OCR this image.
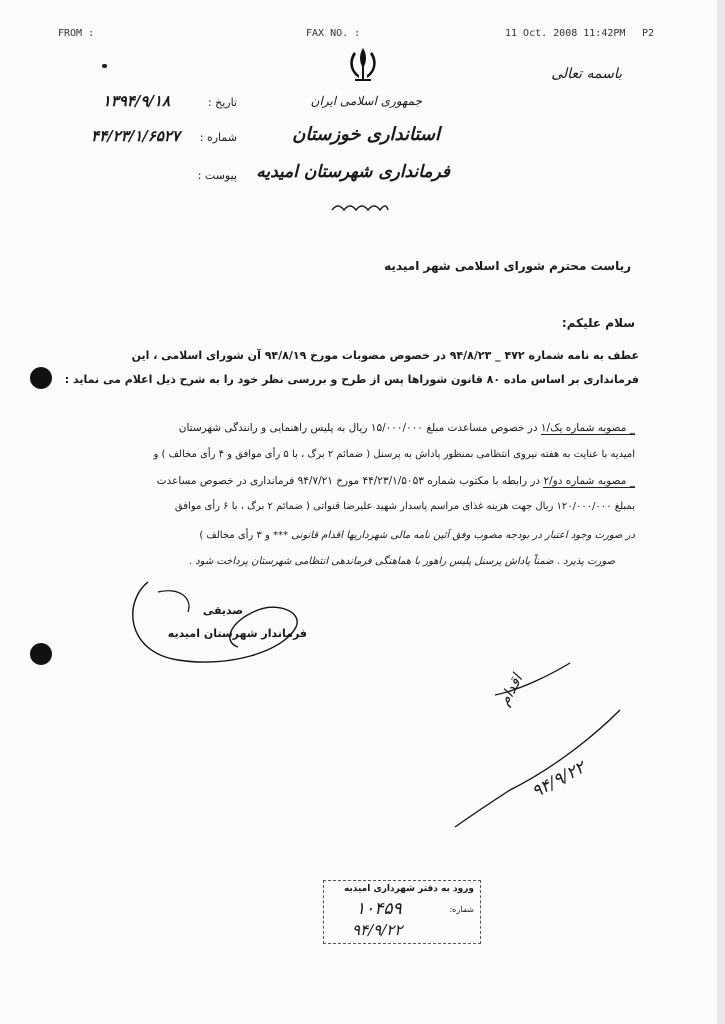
FROM :	FAX NO. :	11 Oct. 2008 11:42PM P2
باسمه تعالی
جمهوری اسلامی ایران
استانداری خوزستان
فرمانداری شهرستان امیدیه
تاریخ :
۱۳۹۴/۹/۱۸
شماره :
۴۴/۲۳/۱/۶۵۲۷
پیوست :
ریاست محترم شورای اسلامی شهر امیدیه
سلام علیکم:
عطف به نامه شماره ۴۷۲ _ ۹۴/۸/۲۳ در خصوص مصوبات مورخ ۹۴/۸/۱۹ آن شورای اسلامی ، این
فرمانداری بر اساس ماده ۸۰ قانون شوراها پس از طرح و بررسی نظر خود را به شرح ذیل اعلام می نماید :
_ مصوبه شماره یک/۱ در خصوص مساعدت مبلغ ۱۵/۰۰۰/۰۰۰ ریال به پلیس راهنمایی و رانندگی شهرستان
امیدیه با عنایت به هفته نیروی انتظامی بمنظور پاداش به پرسنل ( ضمائم ۲ برگ ، با ۵ رأی موافق و ۴ رأی مخالف ) و
_ مصوبه شماره دو/۲ در رابطه با مکتوب شماره ۴۴/۲۳/۱/۵۰۵۳ مورخ ۹۴/۷/۲۱ فرمانداری در خصوص مساعدت
بمبلغ ۱۲۰/۰۰۰/۰۰۰ ریال جهت هزینه غذای مراسم پاسدار شهید علیرضا قنواتی ( ضمائم ۲ برگ ، با ۶ رأی موافق
در صورت وجود اعتبار در بودجه مصوب وفق آئین نامه مالی شهرداریها اقدام قانونی *** و ۳ رأی مخالف )
صورت پذیرد . ضمناً پاداش پرسنل پلیس راهور با هماهنگی فرماندهی انتظامی شهرستان پرداخت شود .
صدیقی
فرماندار شهرستان امیدیه
اقدام
۹۴/۹/۲۲
ورود به دفتر شهرداری امیدیه
شماره:
۱۰۴۵۹
۹۴/۹/۲۲
